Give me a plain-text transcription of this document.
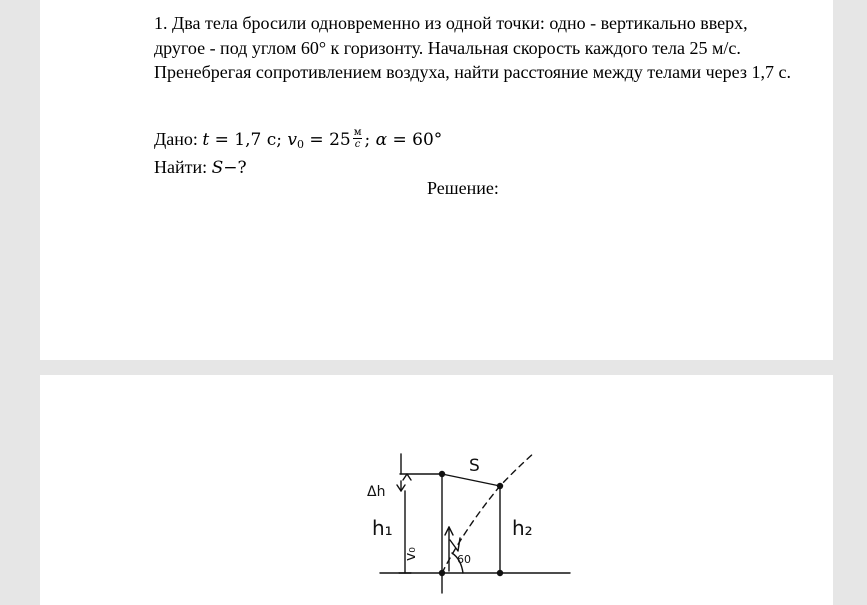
1. Два тела бросили одновременно из одной точки: одно - вертикально вверх, другое - под углом 60° к горизонту. Начальная скорость каждого тела 25 м/с. Пренебрегая сопротивлением воздуха, найти расстояние между телами через 1,7 с.
Дано: t = 1,7 с; $v_0 = 25 \frac{м}{c}$ ; α = 60°
Найти: S−?
Решение:
S
Δh
h₁	h₂
v₀	60
